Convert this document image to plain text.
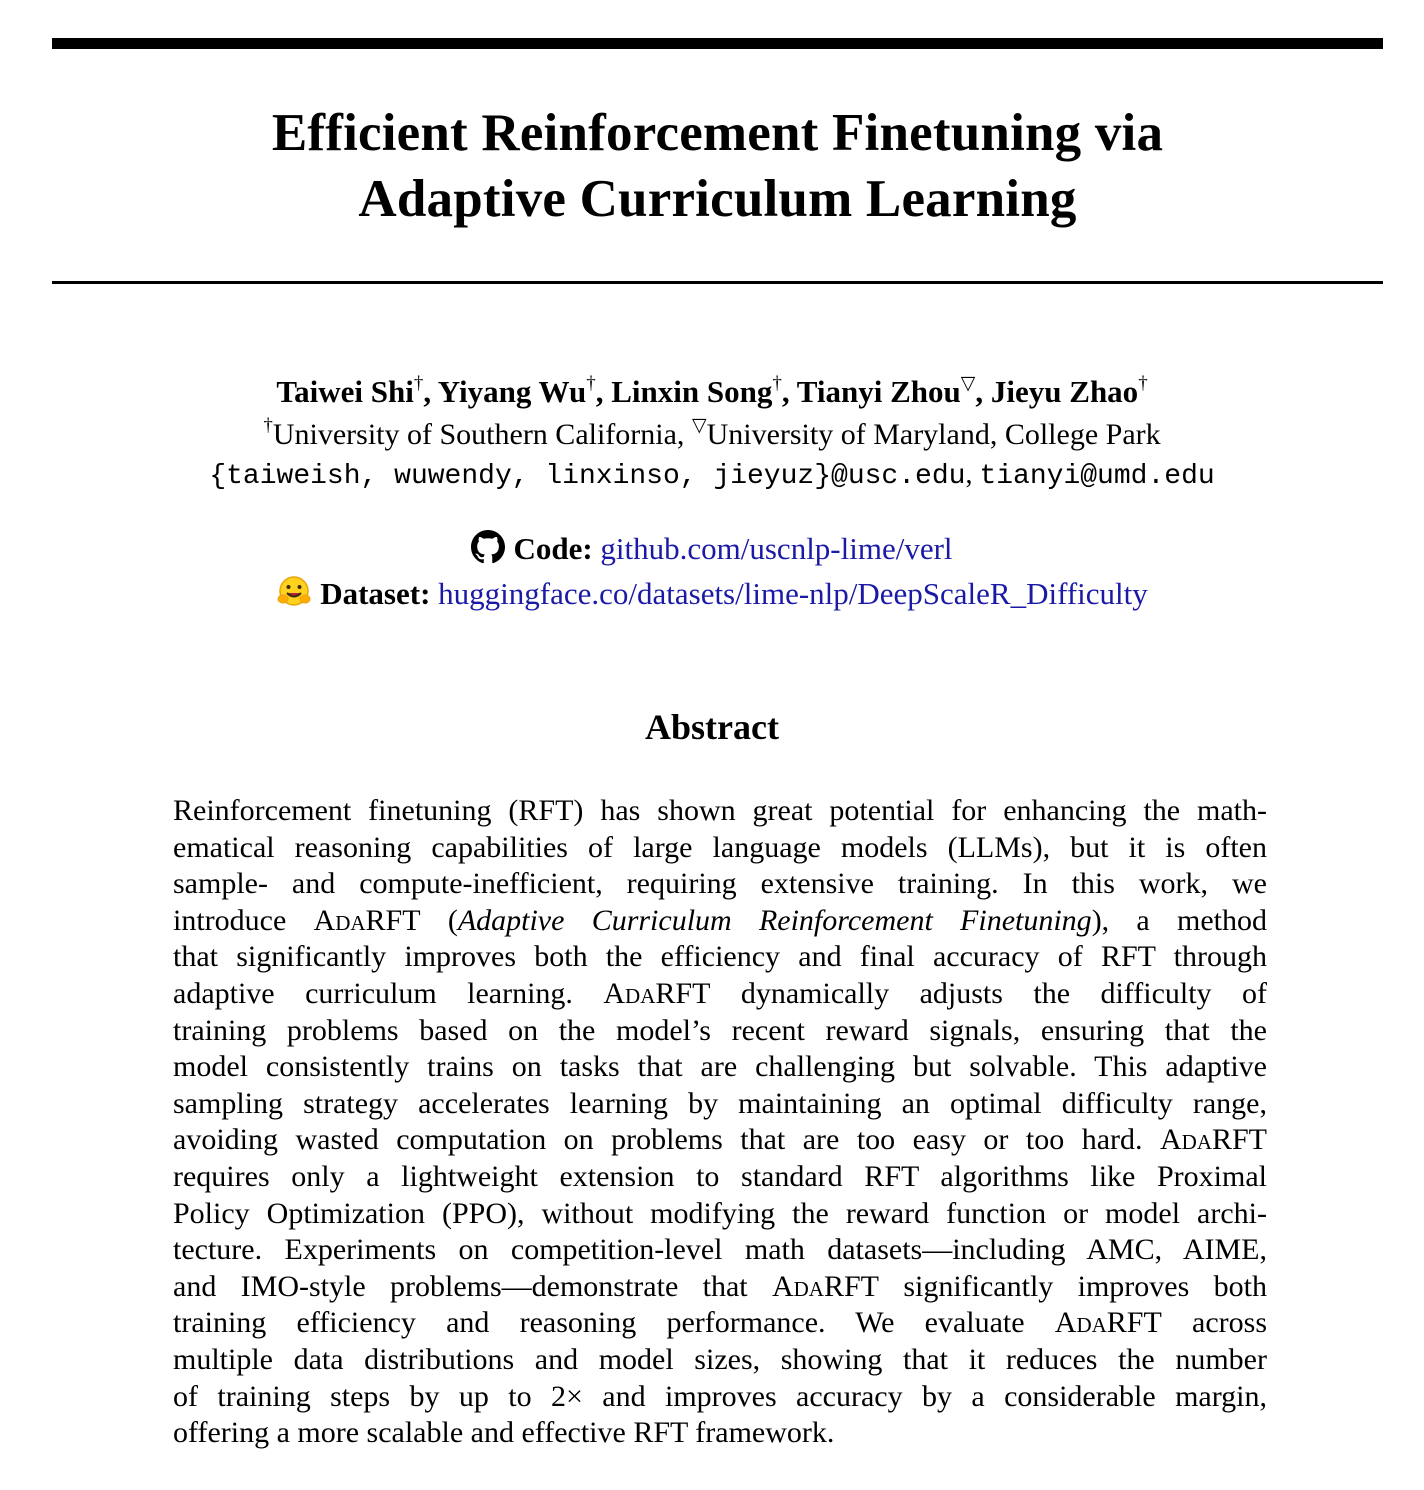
Efficient Reinforcement Finetuning via
Adaptive Curriculum Learning
Taiwei Shi†, Yiyang Wu†, Linxin Song†, Tianyi Zhou▽, Jieyu Zhao†
†University of Southern California, ▽University of Maryland, College Park
{taiweish, wuwendy, linxinso, jieyuz}@usc.edu, tianyi@umd.edu
Code: github.com/uscnlp-lime/verl
Dataset: huggingface.co/datasets/lime-nlp/DeepScaleR_Difficulty
Abstract
Reinforcement finetuning (RFT) has shown great potential for enhancing the math-
ematical reasoning capabilities of large language models (LLMs), but it is often
sample- and compute-inefficient, requiring extensive training. In this work, we
introduce AdaRFT (Adaptive Curriculum Reinforcement Finetuning), a method
that significantly improves both the efficiency and final accuracy of RFT through
adaptive curriculum learning. AdaRFT dynamically adjusts the difficulty of
training problems based on the model’s recent reward signals, ensuring that the
model consistently trains on tasks that are challenging but solvable. This adaptive
sampling strategy accelerates learning by maintaining an optimal difficulty range,
avoiding wasted computation on problems that are too easy or too hard. AdaRFT
requires only a lightweight extension to standard RFT algorithms like Proximal
Policy Optimization (PPO), without modifying the reward function or model archi-
tecture. Experiments on competition-level math datasets—including AMC, AIME,
and IMO-style problems—demonstrate that AdaRFT significantly improves both
training efficiency and reasoning performance. We evaluate AdaRFT across
multiple data distributions and model sizes, showing that it reduces the number
of training steps by up to 2× and improves accuracy by a considerable margin,
offering a more scalable and effective RFT framework.
